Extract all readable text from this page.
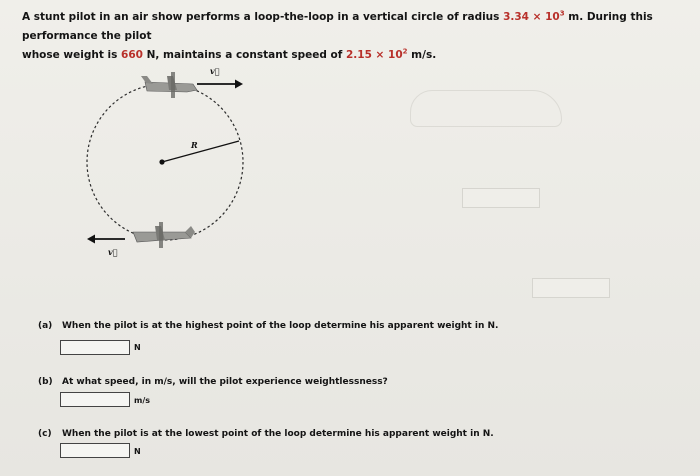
A stunt pilot in an air show performs a loop-the-loop in a vertical circle of radius $3.34 \times 10^3$ m. During this performance the pilot
whose weight is 660 N, maintains a constant speed of $2.15 \times 10^2$ m/s.
R
v⃗
v⃗
(a) When the pilot is at the highest point of the loop determine his apparent weight in N.
N
(b) At what speed, in m/s, will the pilot experience weightlessness?
m/s
(c) When the pilot is at the lowest point of the loop determine his apparent weight in N.
N
